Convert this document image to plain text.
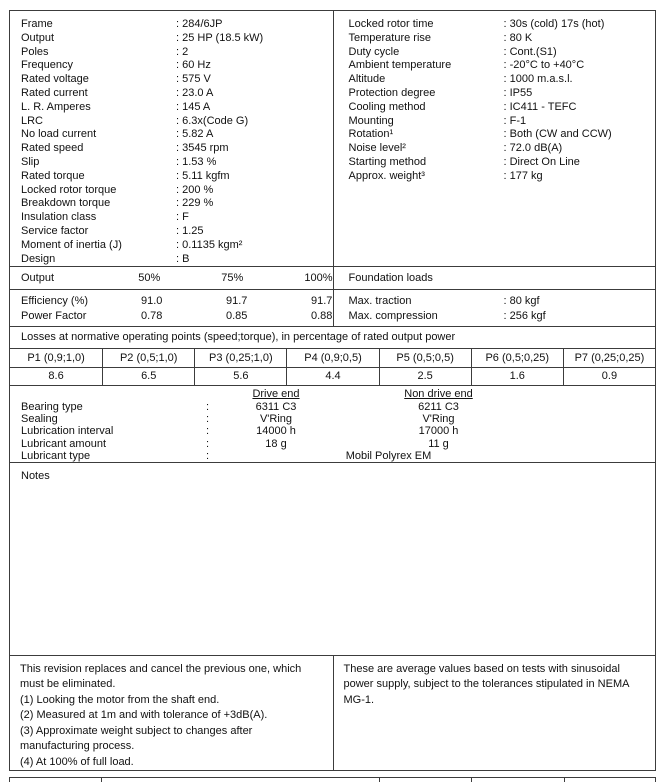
Frame	: 284/6JP
Output	: 25 HP (18.5 kW)
Poles	: 2
Frequency	: 60 Hz
Rated voltage	: 575 V
Rated current	: 23.0 A
L. R. Amperes	: 145 A
LRC	: 6.3x(Code G)
No load current	: 5.82 A
Rated speed	: 3545 rpm
Slip	: 1.53 %
Rated torque	: 5.11 kgfm
Locked rotor torque	: 200 %
Breakdown torque	: 229 %
Insulation class	: F
Service factor	: 1.25
Moment of inertia (J)	: 0.1135 kgm²
Design	: B
Locked rotor time	: 30s (cold) 17s (hot)
Temperature rise	: 80 K
Duty cycle	: Cont.(S1)
Ambient temperature	: -20°C to +40°C
Altitude	: 1000 m.a.s.l.
Protection degree	: IP55
Cooling method	: IC411 - TEFC
Mounting	: F-1
Rotation¹	: Both (CW and CCW)
Noise level²	: 72.0 dB(A)
Starting method	: Direct On Line
Approx. weight³	: 177 kg
Output	50%	75%	100%
Efficiency (%)	91.0	91.7	91.7
Power Factor	0.78	0.85	0.88
Foundation loads
Max. traction	: 80 kgf
Max. compression	: 256 kgf
Losses at normative operating points (speed;torque), in percentage of rated output power
P1 (0,9;1,0)	P2 (0,5;1,0)	P3 (0,25;1,0)	P4 (0,9;0,5)	P5 (0,5;0,5)	P6 (0,5;0,25)	P7 (0,25;0,25)
8.6	6.5	5.6	4.4	2.5	1.6	0.9
Drive end	Non drive end
Bearing type	:	6311 C3	6211 C3
Sealing	:	V'Ring	V'Ring
Lubrication interval	:	14000 h	17000 h
Lubricant amount	:	18 g	11 g
Lubricant type	:	Mobil Polyrex EM
Notes
This revision replaces and cancel the previous one, which must be eliminated.
(1) Looking the motor from the shaft end.
(2) Measured at 1m and with tolerance of +3dB(A).
(3) Approximate weight subject to changes after manufacturing process.
(4) At 100% of full load.
These are average values based on tests with sinusoidal power supply, subject to the tolerances stipulated in NEMA MG-1.
